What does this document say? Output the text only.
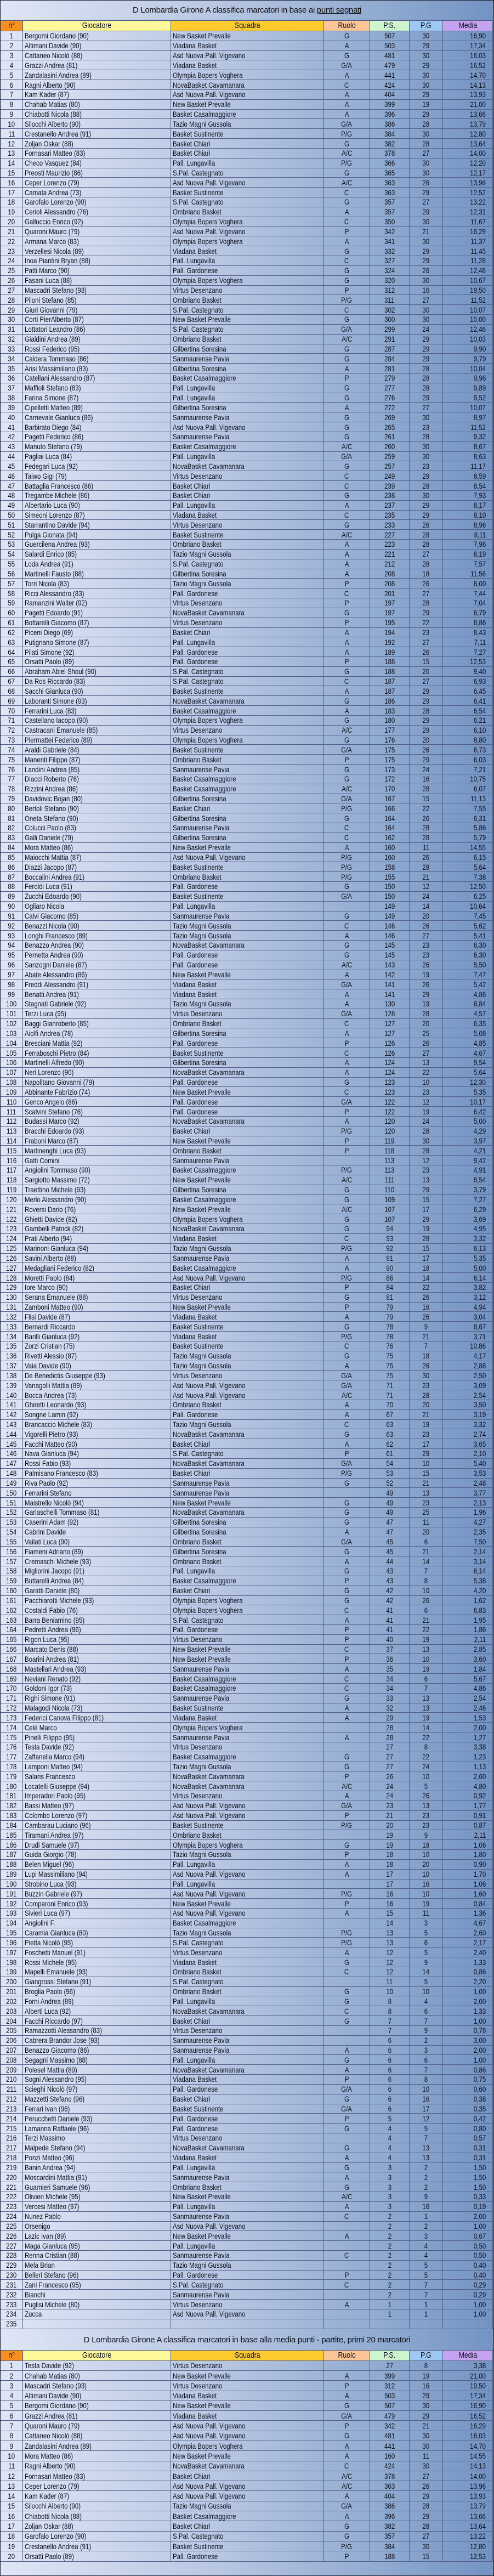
D Lombardia Girone A classifica marcatori in base ai punti segnati
n°	Giocatore	Squadra	Ruolo	P.S.	P.G	Media
1	Bergomi Giordano (90)	New Basket Prevalle	G	507	30	16,90
2	Altimani Davide (90)	Viadana Basket	A	503	29	17,34
3	Cattaneo Nicolò (88)	Asd Nuova Pall. Vigevano	G	481	30	16,03
4	Grazzi Andrea (81)	Viadana Basket	G/A	479	29	16,52
5	Zandalasini Andrea (89)	Olympia Bopers Voghera	A	441	30	14,70
6	Ragni Alberto (90)	NovaBasket Cavamanara	C	424	30	14,13
7	Kam Kader (87)	Asd Nuova Pall. Vigevano	A	404	29	13,93
8	Chahab Matias (80)	New Basket Prevalle	A	399	19	21,00
9	Chiabotti Nicola (88)	Basket Casalmaggiore	A	396	29	13,66
10	Silocchi Alberto (90)	Tazio Magni Gussola	G/A	386	28	13,79
11	Crestanello Andrea (91)	Basket Sustinente	P/G	384	30	12,80
12	Zoljan Oskar (88)	Basket Chiari	G	382	28	13,64
13	Fornasari Matteo (83)	Basket Chiari	A/C	378	27	14,00
14	Checo Vasquez (84)	Pall. Lungavilla	P/G	366	30	12,20
15	Preosti Maurizio (86)	S.Pal. Castegnato	G	365	30	12,17
16	Ceper Lorenzo (79)	Asd Nuova Pall. Vigevano	A/C	363	26	13,96
17	Camata Andrea (73)	Basket Sustinente	C	363	29	12,52
18	Garofalo Lorenzo (90)	S.Pal. Castegnato	G	357	27	13,22
19	Cerioli Alessandro (76)	Ombriano Basket	A	357	29	12,31
20	Galluccio Enrico (92)	Olympia Bopers Voghera	C	350	30	11,67
21	Quaroni Mauro (79)	Asd Nuova Pall. Vigevano	P	342	21	16,29
22	Armana Marco (83)	Olympia Bopers Voghera	A	341	30	11,37
23	Verzellesi Nicola (89)	Viadana Basket	G	332	29	11,45
24	Inoa Piantini Bryan (88)	Pall. Lungavilla	C	327	29	11,28
25	Patti Marco (90)	Pall. Gardonese	G	324	26	12,46
26	Fasani Luca (88)	Olympia Bopers Voghera	G	320	30	10,67
27	Mascadri Stefano (93)	Virtus Desenzano	P	312	16	19,50
28	Piloni Stefano (85)	Ombriano Basket	P/G	311	27	11,52
29	Giuri Giovanni (79)	S.Pal. Castegnato	C	302	30	10,07
30	Corti PierAlberto (87)	New Basket Prevalle	G	300	30	10,00
31	Lottatori Leandro (86)	S.Pal. Castegnato	G/A	299	24	12,46
32	Gialdini Andrea (89)	Ombriano Basket	A/C	291	29	10,03
33	Rossi Federico (95)	Gilbertina Soresina	G	287	29	9,90
34	Caldera Tommaso (86)	Sanmaurense Pavia	G	284	29	9,79
35	Arisi Massimiliano (83)	Gilbertina Soresina	A	281	28	10,04
36	Catellani Alessandro (87)	Basket Casalmaggiore	P	279	28	9,96
37	Maffioli Stefano (83)	Pall. Lungavilla	G	277	28	9,89
38	Farina Simone (87)	Pall. Lungavilla	G	276	29	9,52
39	Cipelletti Matteo (89)	Gilbertina Soresina	A	272	27	10,07
40	Carnevale Gianluca (86)	Sanmaurense Pavia	G	269	30	8,97
41	Barbirato Diego (84)	Asd Nuova Pall. Vigevano	G	265	23	11,52
42	Pagetti Federico (86)	Sanmaurense Pavia	G	261	28	9,32
43	Manuto Stefano (79)	Basket Casalmaggiore	A/C	260	30	8,67
44	Pagliai Luca (84)	Pall. Lungavilla	G/A	259	30	8,63
45	Fedegari Luca (92)	NovaBasket Cavamanara	G	257	23	11,17
46	Taiwo Gigi (79)	Virtus Desenzano	C	249	29	8,59
47	Battaglia Francesco (86)	Basket Chiari	C	239	28	8,54
48	Tregambe Michele (86)	Basket Chiari	G	238	30	7,93
49	Albertario Luca (90)	Pall. Lungavilla	A	237	29	8,17
50	Simeoni Lorenzo (87)	Viadana Basket	C	235	29	8,10
51	Starrantino Davide (94)	Virtus Desenzano	G	233	26	8,96
52	Pulga Gionata (94)	Basket Sustinente	A/C	227	28	8,11
53	Guercilena Andrea (93)	Ombriano Basket	A	223	28	7,96
54	Salardi Enrico (85)	Tazio Magni Gussola	A	221	27	8,19
55	Loda Andrea (91)	S.Pal. Castegnato	A	212	28	7,57
56	Martinelli Fausto (88)	Gilbertina Soresina	A	208	18	11,56
57	Torri Nicola (83)	Tazio Magni Gussola	P	208	26	8,00
58	Ricci Alessandro (83)	Pall. Gardonese	C	201	27	7,44
59	Ramanzini Walter (92)	Virtus Desenzano	P	197	28	7,04
60	Pagetti Edoardo (91)	NovaBasket Cavamanara	G	197	29	6,79
61	Bottarelli Giacomo (87)	Virtus Desenzano	P	195	22	8,86
62	Piceni Diego (69)	Basket Chiari	A	194	23	8,43
63	Putignano Simone (87)	Pall. Lungavilla	A	192	27	7,11
64	Pilati Simone (92)	Pall. Gardonese	A	189	26	7,27
65	Orsatti Paolo (89)	Pall. Gardonese	P	188	15	12,53
66	Abraham Abiel Shoul (90)	S.Pal. Castegnato	G	188	20	9,40
67	Da Ros Riccardo (83)	S.Pal. Castegnato	C	187	27	6,93
68	Sacchi Gianluca (90)	Basket Sustinente	A	187	29	6,45
69	Laboranti Simone (93)	NovaBasket Cavamanara	G	186	29	6,41
70	Ferrarini Luca (83)	Basket Casalmaggiore	A	183	28	6,54
71	Castellano Iacopo (90)	Olympia Bopers Voghera	G	180	29	6,21
72	Castracani Emanuele (85)	Virtus Desenzano	A/C	177	29	6,10
73	Piermattei Federico (89)	Olympia Bopers Voghera	G	176	20	8,80
74	Araldi Gabriele (84)	Basket Sustinente	G/A	175	26	6,73
75	Manenti Filippo (87)	Ombriano Basket	P	175	29	6,03
76	Landini Andrea (85)	Sanmaurense Pavia	G	173	24	7,21
77	Diacci Roberto (76)	Basket Casalmaggiore	G	172	16	10,75
78	Rizzini Andrea (86)	Basket Casalmaggiore	A/C	170	28	6,07
79	Davidovic Bojan (80)	Gilbertina Soresina	G/A	167	15	11,13
80	Bertoli Stefano (90)	Basket Chiari	P/G	166	22	7,55
81	Oneta Stefano (90)	Gilbertina Soresina	G	164	26	6,31
82	Colucci Paolo (83)	Sanmaurense Pavia	C	164	28	5,86
83	Galli Daniele (79)	Gilbertina Soresina	C	162	28	5,79
84	Mora Matteo (86)	New Basket Prevalle	A	160	11	14,55
85	Maiocchi Mattia (87)	Asd Nuova Pall. Vigevano	P/G	160	26	6,15
86	Diazzi Jacopo (87)	Basket Sustinente	P/G	158	28	5,64
87	Boccalini Andrea (91)	Ombriano Basket	P/G	155	21	7,38
88	Feroldi Luca (91)	Pall. Gardonese	G	150	12	12,50
89	Zucchi Edoardo (90)	Basket Sustinente	G/A	150	24	6,25
90	Ogliaro Nicola	Pall. Lungavilla		149	14	10,64
91	Calvi Giacomo (85)	Sanmaurense Pavia	G	149	20	7,45
92	Benazzi Nicola (90)	Tazio Magni Gussola	C	146	26	5,62
93	Longhi Francesco (89)	Tazio Magni Gussola	A	146	27	5,41
94	Benazzo Andrea (90)	NovaBasket Cavamanara	G	145	23	6,30
95	Pernetta Andrea (90)	Pall. Gardonese	G	145	23	6,30
96	Sanzogni Daniele (87)	Pall. Gardonese	A/C	143	26	5,50
97	Abate Alessandro (86)	New Basket Prevalle	A	142	19	7,47
98	Freddi Alessandro (91)	Viadana Basket	G/A	141	26	5,42
99	Benatti Andrea (91)	Viadana Basket	A	141	29	4,86
100	Stagnati Gabriele (92)	Tazio Magni Gussola	A	130	19	6,84
101	Terzi Luca (95)	Virtus Desenzano	G/A	128	28	4,57
102	Baggi Gianroberto (85)	Ombriano Basket	C	127	20	6,35
103	Aiolfi Andrea (78)	Gilbertina Soresina	A	127	25	5,08
104	Bresciani Mattia (92)	Pall. Gardonese	P	126	26	4,85
105	Ferraboschi Pietro (84)	Basket Sustinente	C	126	27	4,67
106	Martinelli Alfredo (90)	Gilbertina Soresina	A	124	13	9,54
107	Neri Lorenzo (90)	NovaBasket Cavamanara	A	124	22	5,64
108	Napolitano Giovanni (79)	Pall. Gardonese	G	123	10	12,30
109	Abbinante Fabrizio (74)	New Basket Prevalle	C	123	23	5,35
110	Genco Angelo (86)	Pall. Gardonese	G/A	122	12	10,17
111	Scalvini Stefano (76)	Pall. Gardonese	P	122	19	6,42
112	Budassi Marco (92)	NovaBasket Cavamanara	A	120	24	5,00
113	Bracchi Edoardo (93)	Basket Chiari	P/G	120	28	4,29
114	Fraboni Marco (87)	New Basket Prevalle	P	119	30	3,97
115	Martinenghi Luca (93)	Ombriano Basket	P	118	28	4,21
116	Gatti Comini	Sanmaurense Pavia		113	12	9,42
117	Angiolini Tommaso (90)	Basket Casalmaggiore	P/G	113	23	4,91
118	Sargiotto Massimo (72)	New Basket Prevalle	A/C	111	13	8,54
119	Traettino Michele (93)	Gilbertina Soresina	G	110	29	3,79
120	Merlo Alessandro (90)	Basket Casalmaggiore	G	109	15	7,27
121	Roversi Dario (76)	New Basket Prevalle	A/C	107	17	6,29
122	Ghietti Davide (82)	Olympia Bopers Voghera	G	107	29	3,69
123	Gambelli Patrick (82)	NovaBasket Cavamanara	G	94	19	4,95
124	Prati Alberto (94)	Viadana Basket	C	93	28	3,32
125	Marinoni Gianluca (94)	Tazio Magni Gussola	P/G	92	15	6,13
126	Savini Alberto (88)	Sanmaurense Pavia	A	91	17	5,35
127	Medagliani Federico (82)	Basket Casalmaggiore	A	90	18	5,00
128	Moretti Paolo (84)	Asd Nuova Pall. Vigevano	P/G	86	14	6,14
129	Iore Marco (90)	Basket Chiari	P	84	22	3,82
130	Serana Emanuele (88)	Virtus Desenzano	G	81	26	3,12
131	Zamboni Matteo (90)	New Basket Prevalle	P	79	16	4,94
132	Flisi Davide (87)	Viadana Basket	A	79	26	3,04
133	Bernardi Riccardo	Basket Sustinente	G	78	9	8,67
134	Barilli Gianluca (92)	Viadana Basket	P/G	78	21	3,71
135	Zorzi Cristian (75)	Basket Sustinente	C	76	7	10,86
136	Rivetti Alessio (87)	Tazio Magni Gussola	G	75	18	4,17
137	Vaia Davide (90)	Tazio Magni Gussola	A	75	26	2,88
138	De Benedictis Giuseppe (93)	Virtus Desenzano	G/A	75	30	2,50
139	Vanagolli Mattia (89)	Asd Nuova Pall. Vigevano	G/A	71	23	3,09
140	Bocca Andrea (73)	Asd Nuova Pall. Vigevano	A/C	71	28	2,54
141	Ghiretti Leonardo (93)	Ombriano Basket	A	70	20	3,50
142	Songne Lamin (92)	Pall. Gardonese	A	67	21	3,19
143	Brancaccio Michele (83)	Tazio Magni Gussola	C	63	19	3,32
144	Vigorelli Pietro (93)	NovaBasket Cavamanara	G	63	23	2,74
145	Facchi Matteo (90)	Basket Chiari	A	62	17	3,65
146	Nava Gianluca (94)	S.Pal. Castegnato	P	61	29	2,10
147	Rossi Fabio (93)	NovaBasket Cavamanara	G/A	54	10	5,40
148	Palmisano Francesco (83)	Basket Chiari	P/G	53	15	3,53
149	Riva Paolo (92)	Sanmaurense Pavia	G	52	21	2,48
150	Ferrarini Stefano	Sanmaurense Pavia		49	13	3,77
151	Maistrello Nicolò (94)	New Basket Prevalle	G	49	23	2,13
152	Garlaschelli Tommaso (81)	NovaBasket Cavamanara	G	49	25	1,96
153	Caserini Adam (92)	Gilbertina Soresina	G	47	11	4,27
154	Cabrini Davide	Gilbertina Soresina	A	47	20	2,35
155	Vailati Luca (90)	Ombriano Basket	G/A	45	6	7,50
156	Fiameni Adriano (89)	Gilbertina Soresina	G	45	21	2,14
157	Cremaschi Michele (93)	Ombriano Basket	A	44	14	3,14
158	Migliorini Jacopo (91)	Pall. Lungavilla	G	43	7	6,14
159	Buttarelli Andrea (84)	Basket Casalmaggiore	P	43	8	5,38
160	Garatti Daniele (80)	Basket Chiari	G	42	10	4,20
161	Pacchiarotti Michele (93)	Olympia Bopers Voghera	G	42	26	1,62
162	Costaldi Fabio (76)	Olympia Bopers Voghera	C	41	6	6,83
163	Barra Beniamino (95)	S.Pal. Castegnato	A	41	21	1,95
164	Pedretti Andrea (96)	Pall. Gardonese	P	41	22	1,86
165	Rigon Luca (95)	Virtus Desenzano	P	40	19	2,11
166	Marcato Denis (88)	New Basket Prevalle	C	37	13	2,85
167	Boarini Andrea (81)	New Basket Prevalle	P	36	10	3,60
168	Mastellari Andrea (93)	Sanmaurense Pavia	A	35	19	1,84
169	Neviani Renato (92)	Basket Casalmaggiore	C	34	6	5,67
170	Goldoni Igor (73)	Basket Casalmaggiore	C	34	7	4,86
171	Righi Simone (91)	Sanmaurense Pavia	G	33	13	2,54
172	Malagodi Nicola (73)	Basket Sustinente	A	32	13	2,46
173	Federici Canova Filippo (81)	Viadana Basket	A	29	19	1,53
174	Celè Marco	Olympia Bopers Voghera		28	14	2,00
175	Pinelli Filippo (95)	Sanmaurense Pavia	A	28	22	1,27
176	Testa Davide (92)	Virtus Desenzano		27	8	3,38
177	Zaffanella Marco (94)	Basket Casalmaggiore	G	27	22	1,23
178	Lamponi Matteo (94)	Tazio Magni Gussola	G	27	24	1,13
179	Salaris Francesco	NovaBasket Cavamanara	P	26	10	2,60
180	Locatelli Giuseppe (94)	NovaBasket Cavamanara	A/C	24	5	4,80
181	Imperadori Paolo (95)	Virtus Desenzano	A	24	26	0,92
182	Bassi Matteo (97)	Asd Nuova Pall. Vigevano	G/A	23	13	1,77
183	Colombo Lorenzo (97)	Asd Nuova Pall. Vigevano	P	21	23	0,91
184	Cambarau Luciano (96)	Basket Sustinente	P/G	20	23	0,87
185	Tiramani Andrea (97)	Ombriano Basket		19	9	2,11
186	Drudi Samuele (97)	Olympia Bopers Voghera	G	19	18	1,06
187	Guida Giorgio (78)	Tazio Magni Gussola	P	18	10	1,80
188	Belen Miguel (96)	Pall. Lungavilla	A	18	20	0,90
189	Lupi Massimiliano (94)	Asd Nuova Pall. Vigevano	A	17	10	1,70
190	Strobino Luca (93)	Pall. Lungavilla		17	16	1,06
191	Buzzin Gabriele (97)	Asd Nuova Pall. Vigevano	P/G	16	10	1,60
192	Comparoni Enrico (93)	New Basket Prevalle	P	16	19	0,84
193	Sivieri Luca (97)	Asd Nuova Pall. Vigevano	A	15	11	1,36
194	Angiolini F.	Basket Casalmaggiore		14	3	4,67
195	Caramia Gianluca (80)	Tazio Magni Gussola	P/G	13	5	2,60
196	Pietta Nicolò (95)	S.Pal. Castegnato	P/G	13	6	2,17
197	Foschetti Manuel (91)	Virtus Desenzano	A	12	5	2,40
198	Rossi Michele (95)	Viadana Basket	G	12	9	1,33
199	Mapelli Emanuele (93)	Ombriano Basket	C	12	14	0,86
200	Giangrossi Stefano (91)	S.Pal. Castegnato		11	5	2,20
201	Broglia Paolo (96)	Ombriano Basket	G	10	10	1,00
202	Forni Andrea (89)	Pall. Lungavilla	G	8	4	2,00
203	Alberti Luca (92)	NovaBasket Cavamanara	C	8	6	1,33
204	Facchi Riccardo (97)	Basket Chiari	G	7	7	1,00
205	Ramazzotti Alessandro (83)	Virtus Desenzano		7	9	0,78
206	Cabrera Brandor Jose (93)	Sanmaurense Pavia		6	2	3,00
207	Benazzo Giacomo (86)	Sanmaurense Pavia	A	6	3	2,00
208	Segagni Massimo (88)	Pall. Lungavilla	G	6	6	1,00
209	Polesel Mattia (89)	NovaBasket Cavamanara	A	6	7	0,86
210	Sogni Alessandro (95)	Viadana Basket	P	6	8	0,75
211	Scieghi Nicolò (97)	Pall. Gardonese	G/A	6	10	0,60
212	Mazzetti Stefano (96)	Basket Chiari	G	6	16	0,38
213	Ferrari Ivan (96)	Basket Sustinente	G/A	6	17	0,35
214	Perucchetti Daniele (93)	Pall. Gardonese	P	5	12	0,42
215	Lamanna Raffaele (96)	Pall. Gardonese	G	4	5	0,80
216	Terzi Massimo	Virtus Desenzano		4	7	0,57
217	Malpede Stefano (94)	NovaBasket Cavamanara	G	4	13	0,31
218	Ponzi Matteo (96)	Viadana Basket	A	4	13	0,31
219	Banin Andrea (94)	Pall. Lungavilla	G	3	2	1,50
220	Moscardini Mattia (91)	Sanmaurense Pavia	A	3	2	1,50
221	Guarnieri Samuele (96)	Ombriano Basket	G	3	2	1,50
222	Olivieri Michele (95)	New Basket Prevalle	A/C	3	9	0,33
223	Vercesi Matteo (97)	Pall. Lungavilla	A	3	16	0,19
224	Nunez Pablo	Sanmaurense Pavia	C	2	1	2,00
225	Orsenigo	Asd Nuova Pall. Vigevano		2	2	1,00
226	Lazic Ivan (89)	New Basket Prevalle	A	2	3	0,67
227	Maga Gianluca (95)	Pall. Lungavilla		2	4	0,50
228	Renna Cristian (88)	Sanmaurense Pavia	C	2	4	0,50
229	Mela Brian	Tazio Magni Gussola		2	5	0,40
230	Belleri Stefano (96)	Pall. Gardonese	P	2	5	0,40
231	Zani Francesco (95)	S.Pal. Castegnato	C	2	7	0,29
232	Bianchi	Sanmaurense Pavia		2	7	0,29
233	Puglisi Michele (80)	Virtus Desenzano	A	1	1	1,00
234	Zucca	Asd Nuova Pall. Vigevano		1	1	1,00
235						
D Lombardia Girone A classifica marcatori in base alla media punti - partite, primi 20 marcatori
n°	Giocatore	Squadra	Ruolo	P.S.	P.G	Media
1	Testa Davide (92)	Virtus Desenzano		27	8	3,38
2	Chahab Matias (80)	New Basket Prevalle	A	399	19	21,00
3	Mascadri Stefano (93)	Virtus Desenzano	P	312	16	19,50
4	Altimani Davide (90)	Viadana Basket	A	503	29	17,34
5	Bergomi Giordano (90)	New Basket Prevalle	G	507	30	16,90
6	Grazzi Andrea (81)	Viadana Basket	G/A	479	29	16,52
7	Quaroni Mauro (79)	Asd Nuova Pall. Vigevano	P	342	21	16,29
8	Cattaneo Nicolò (88)	Asd Nuova Pall. Vigevano	G	481	30	16,03
9	Zandalasini Andrea (89)	Olympia Bopers Voghera	A	441	30	14,70
10	Mora Matteo (86)	New Basket Prevalle	A	160	11	14,55
11	Ragni Alberto (90)	NovaBasket Cavamanara	C	424	30	14,13
12	Fornasari Matteo (83)	Basket Chiari	A/C	378	27	14,00
13	Ceper Lorenzo (79)	Asd Nuova Pall. Vigevano	A/C	363	26	13,96
14	Kam Kader (87)	Asd Nuova Pall. Vigevano	A	404	29	13,93
15	Silocchi Alberto (90)	Tazio Magni Gussola	G/A	386	28	13,79
16	Chiabotti Nicola (88)	Basket Casalmaggiore	A	396	29	13,66
17	Zoljan Oskar (88)	Basket Chiari	G	382	28	13,64
18	Garofalo Lorenzo (90)	S.Pal. Castegnato	G	357	27	13,22
19	Crestanello Andrea (91)	Basket Sustinente	P/G	384	30	12,80
20	Orsatti Paolo (89)	Pall. Gardonese	P	188	15	12,53
